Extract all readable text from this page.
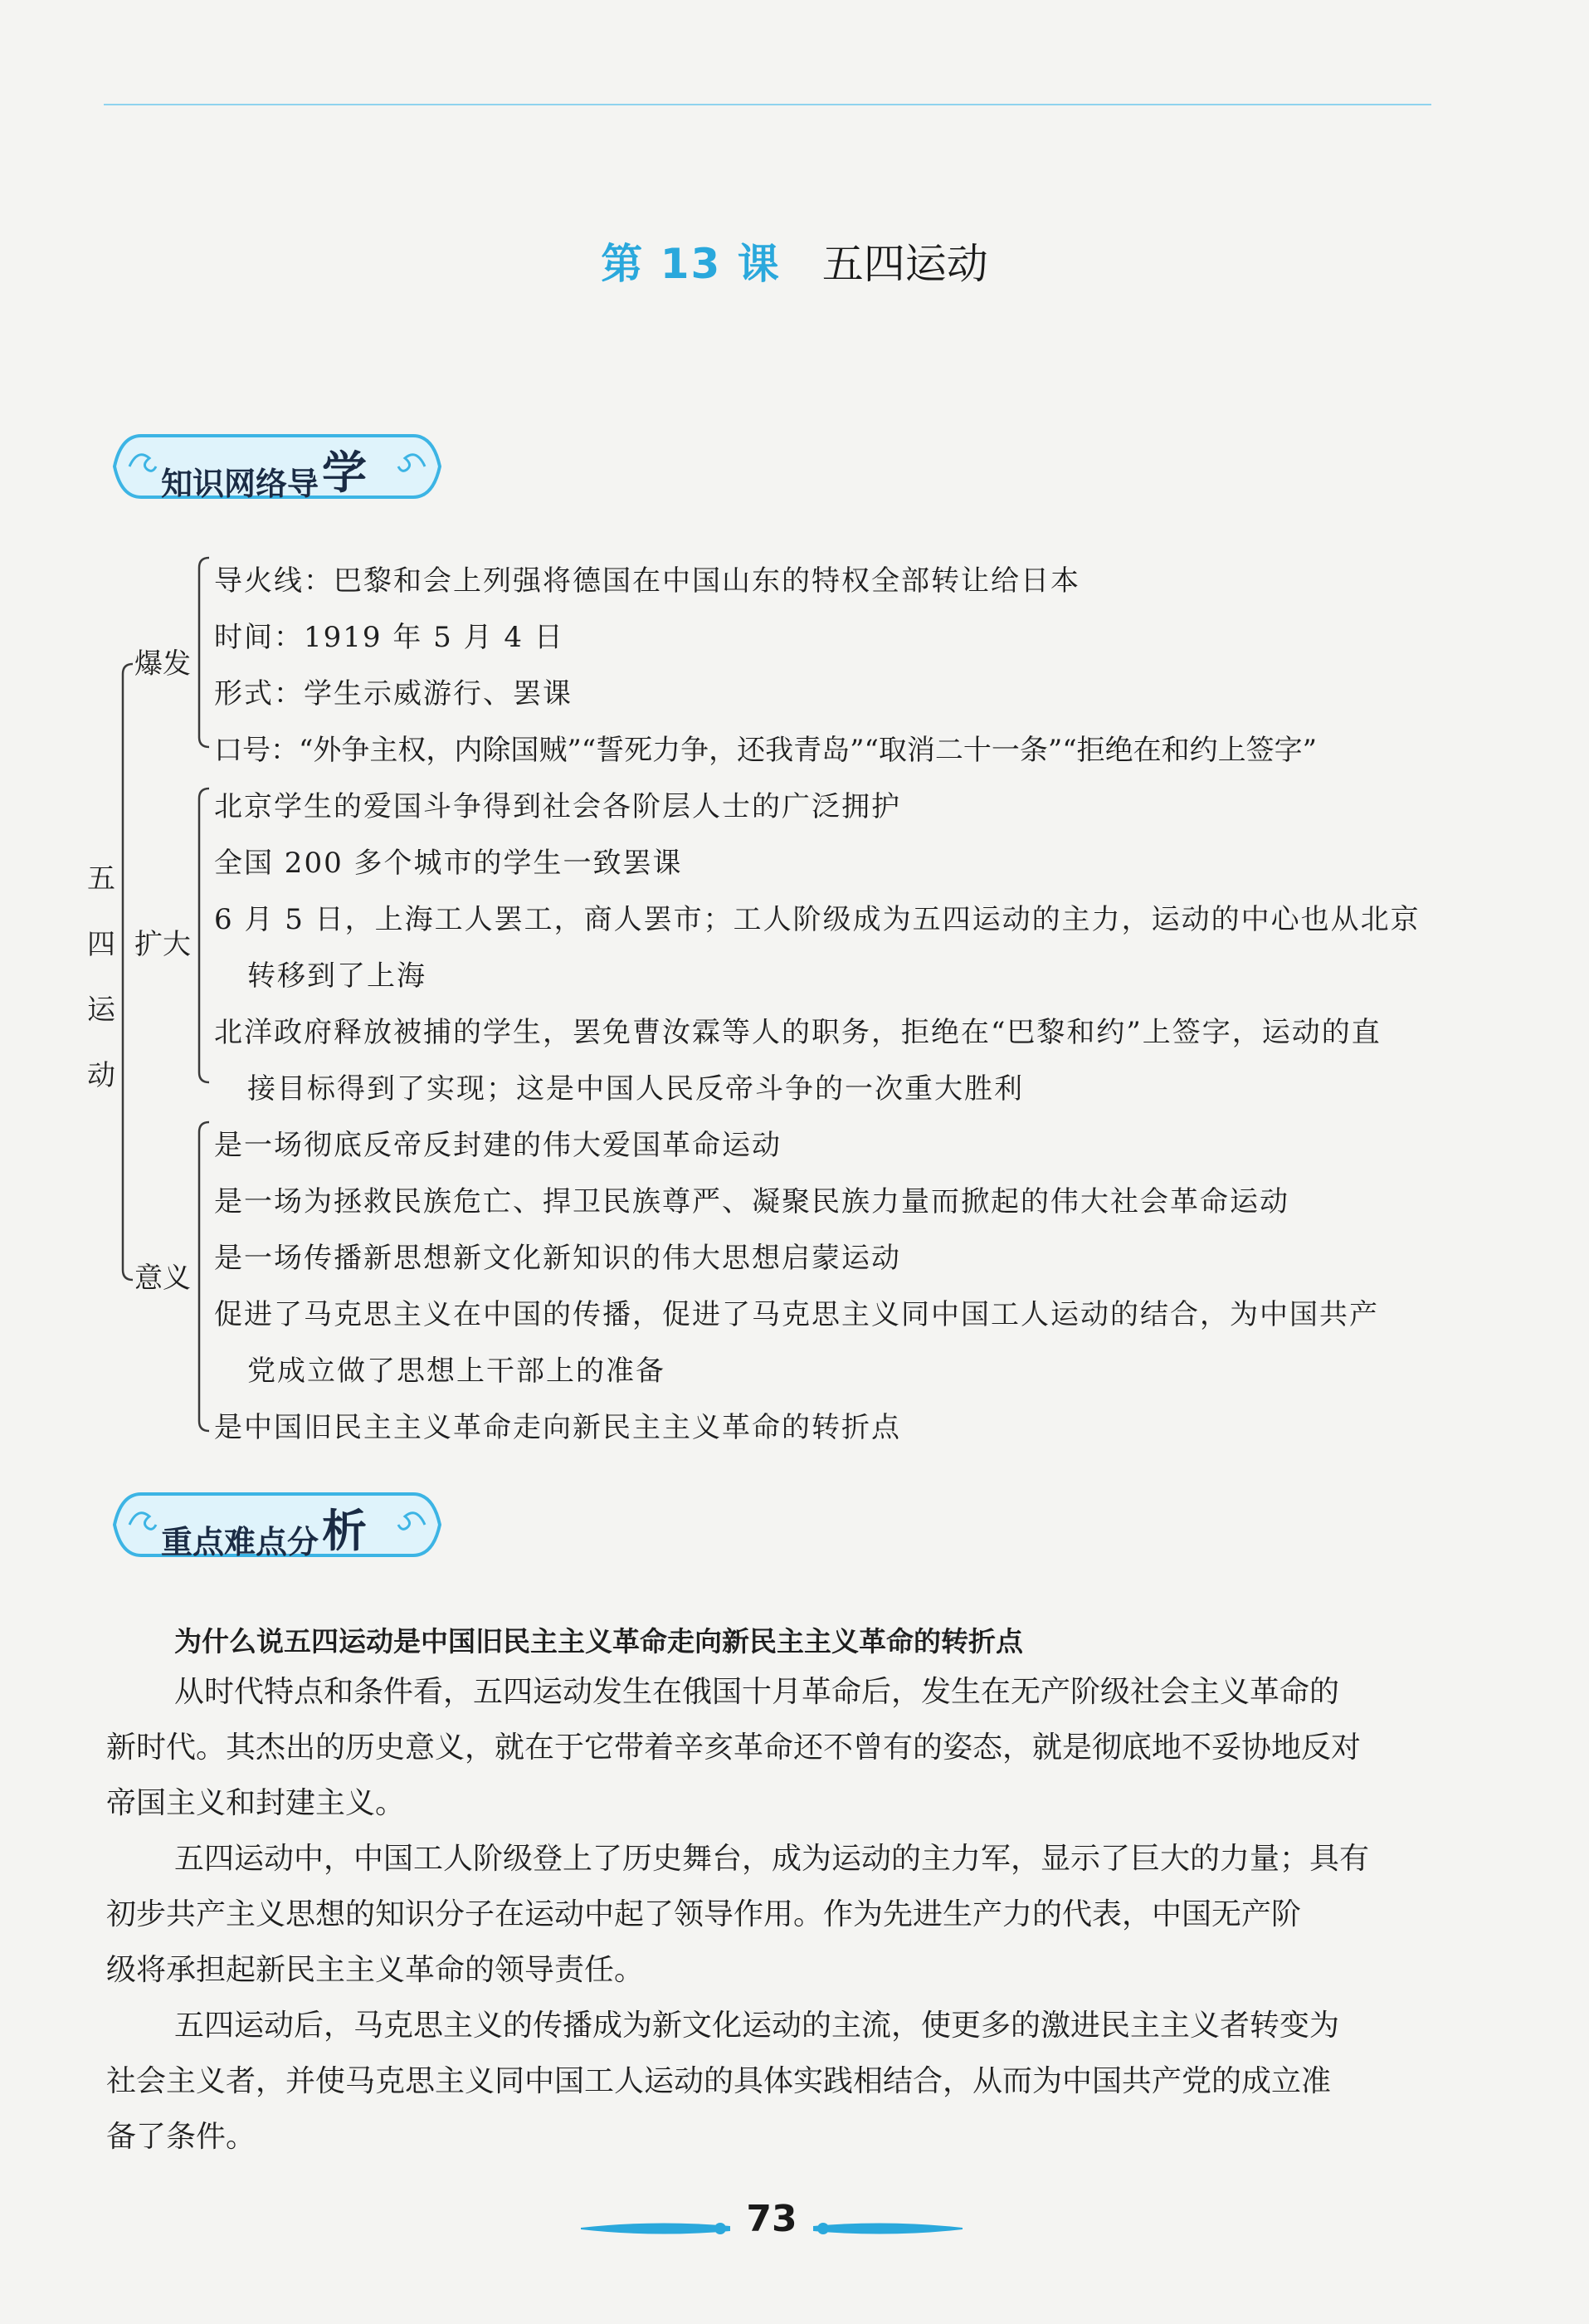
第 13 课 五四运动
知识网络导学
五
四
运
动
爆发
扩大
意义
导火线：巴黎和会上列强将德国在中国山东的特权全部转让给日本
时间：1919 年 5 月 4 日
形式：学生示威游行、罢课
口号：“外争主权，内除国贼”“誓死力争，还我青岛”“取消二十一条”“拒绝在和约上签字”
北京学生的爱国斗争得到社会各阶层人士的广泛拥护
全国 200 多个城市的学生一致罢课
6 月 5 日，上海工人罢工，商人罢市；工人阶级成为五四运动的主力，运动的中心也从北京
转移到了上海
北洋政府释放被捕的学生，罢免曹汝霖等人的职务，拒绝在“巴黎和约”上签字，运动的直
接目标得到了实现；这是中国人民反帝斗争的一次重大胜利
是一场彻底反帝反封建的伟大爱国革命运动
是一场为拯救民族危亡、捍卫民族尊严、凝聚民族力量而掀起的伟大社会革命运动
是一场传播新思想新文化新知识的伟大思想启蒙运动
促进了马克思主义在中国的传播，促进了马克思主义同中国工人运动的结合，为中国共产
党成立做了思想上干部上的准备
是中国旧民主主义革命走向新民主主义革命的转折点
重点难点分析
为什么说五四运动是中国旧民主主义革命走向新民主主义革命的转折点
从时代特点和条件看，五四运动发生在俄国十月革命后，发生在无产阶级社会主义革命的
新时代。其杰出的历史意义，就在于它带着辛亥革命还不曾有的姿态，就是彻底地不妥协地反对
帝国主义和封建主义。
五四运动中，中国工人阶级登上了历史舞台，成为运动的主力军，显示了巨大的力量；具有
初步共产主义思想的知识分子在运动中起了领导作用。作为先进生产力的代表，中国无产阶
级将承担起新民主主义革命的领导责任。
五四运动后，马克思主义的传播成为新文化运动的主流，使更多的激进民主主义者转变为
社会主义者，并使马克思主义同中国工人运动的具体实践相结合，从而为中国共产党的成立准
备了条件。
73
